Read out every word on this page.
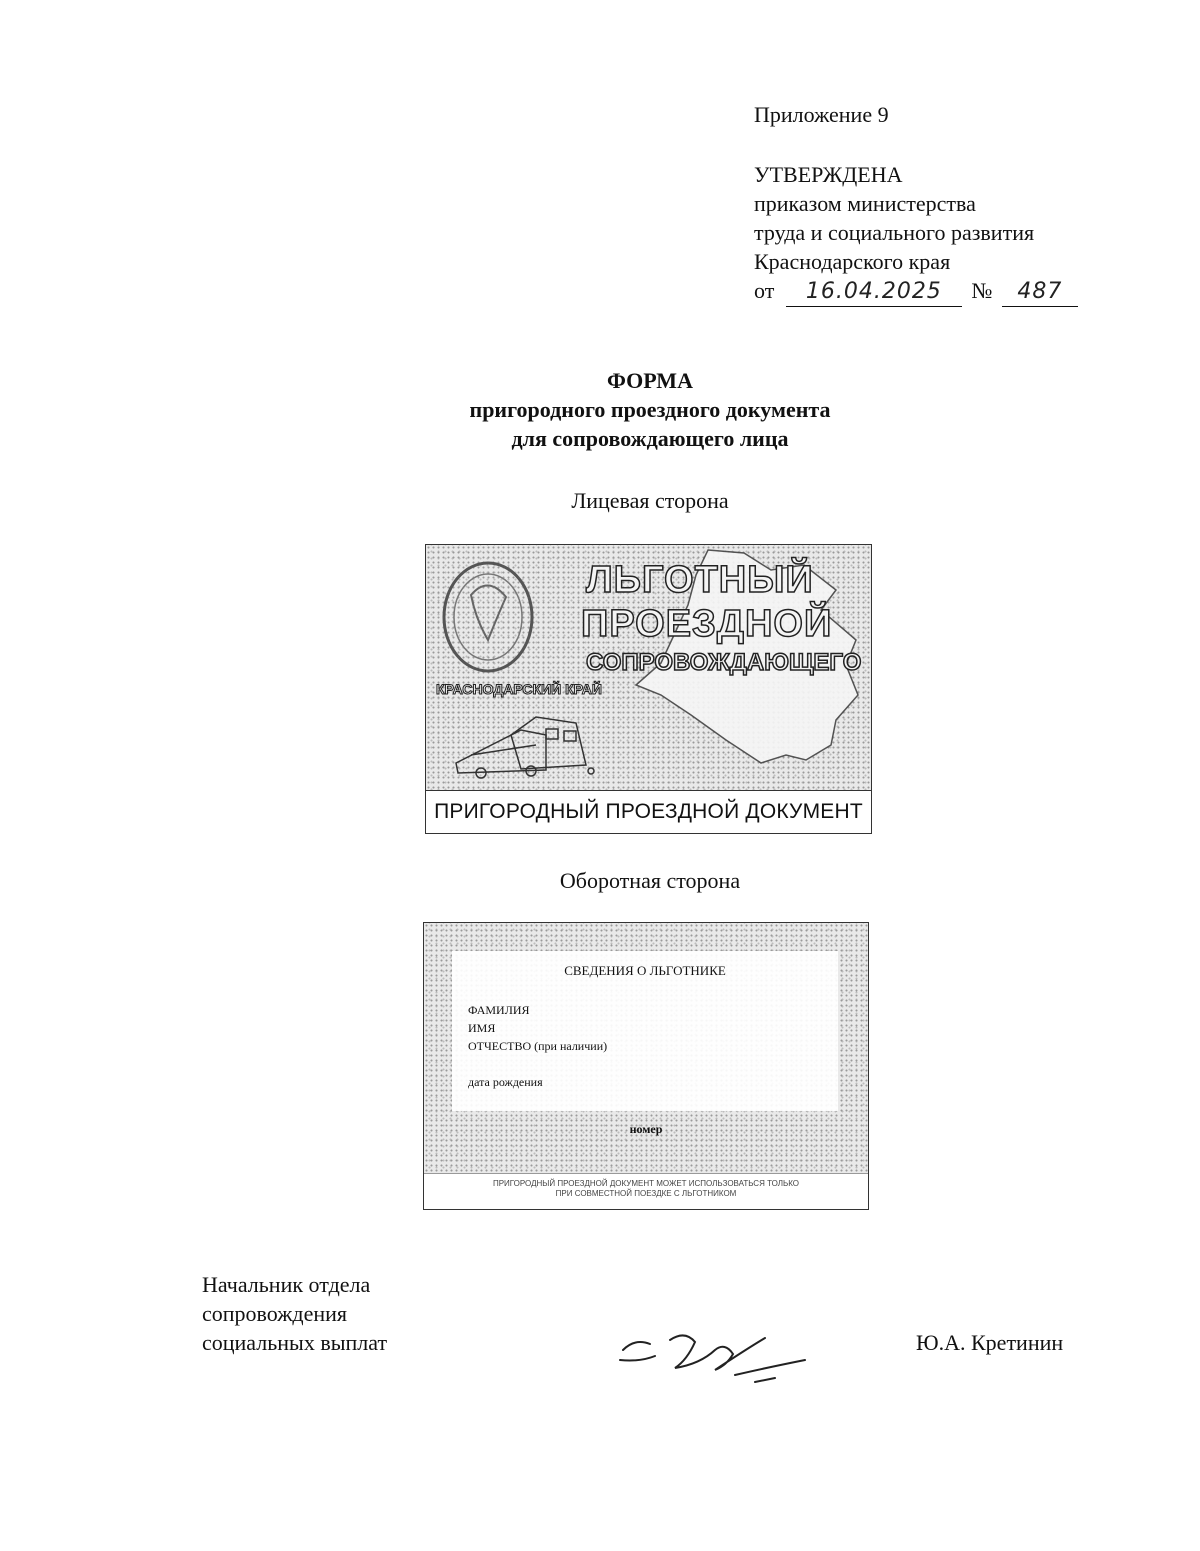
Приложение 9
УТВЕРЖДЕНА
приказом министерства
труда и социального развития
Краснодарского края
от 16.04.2025 № 487
ФОРМА
пригородного проездного документа
для сопровождающего лица
Лицевая сторона
ЛЬГОТНЫЙ
ПРОЕЗДНОЙ
СОПРОВОЖДАЮЩЕГО
КРАСНОДАРСКИЙ КРАЙ
ПРИГОРОДНЫЙ ПРОЕЗДНОЙ ДОКУМЕНТ
Оборотная сторона
СВЕДЕНИЯ О ЛЬГОТНИКЕ
ФАМИЛИЯ
ИМЯ
ОТЧЕСТВО (при наличии)
дата рождения
номер
ПРИГОРОДНЫЙ ПРОЕЗДНОЙ ДОКУМЕНТ МОЖЕТ ИСПОЛЬЗОВАТЬСЯ ТОЛЬКО
ПРИ СОВМЕСТНОЙ ПОЕЗДКЕ С ЛЬГОТНИКОМ
Начальник отдела
сопровождения
социальных выплат	Ю.А. Кретинин
